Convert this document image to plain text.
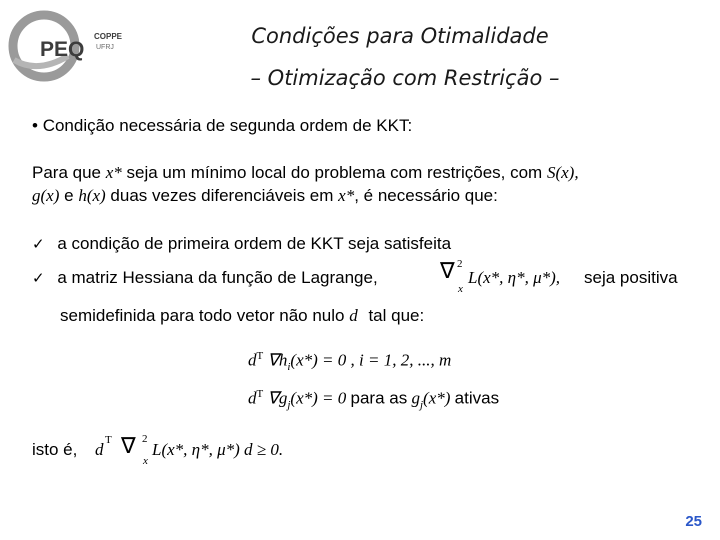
PEQ
COPPE
UFRJ	Condições para Otimalidade
– Otimização com Restrição –
• Condição necessária de segunda ordem de KKT:
Para que x* seja um mínimo local do problema com restrições, com S(x),
g(x) e h(x) duas vezes diferenciáveis em x*, é necessário que:
✓ a condição de primeira ordem de KKT seja satisfeita
✓ a matriz Hessiana da função de Lagrange,	∇ 2
x
L(x*, η*, μ*), seja positiva
semidefinida para todo vetor não nulo d tal que:
$d^T$ $\nabla h_i(x*) = 0$ , i = 1, 2, ..., m
$d^T$ $\nabla g_j(x*) = 0$ para as $g_j(x*)$ ativas
isto é, d T ∇ 2
x
L(x*, η*, μ*) d ≥ 0.
25
